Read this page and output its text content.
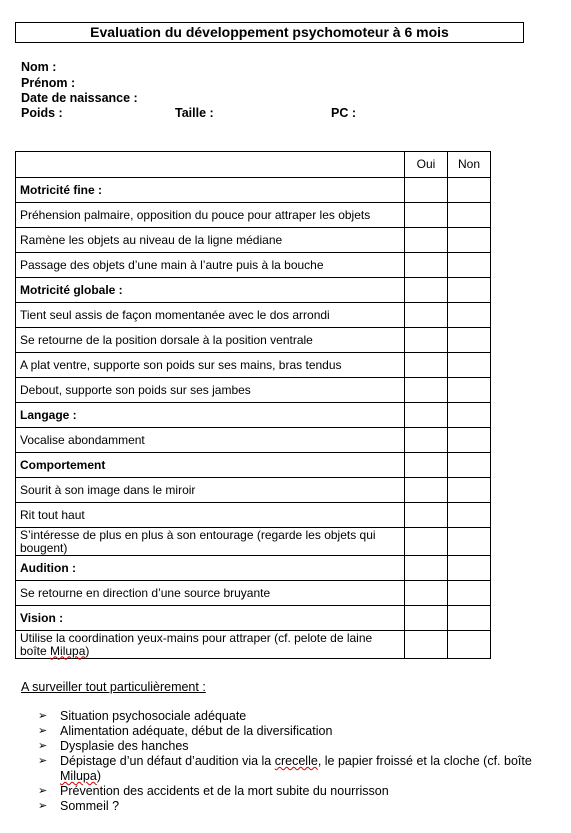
Evaluation du développement psychomoteur à 6 mois
Nom :
Prénom :
Date de naissance :
Poids :	Taille :	PC :
	Oui	Non
Motricité fine :		
Préhension palmaire, opposition du pouce pour attraper les objets		
Ramène les objets au niveau de la ligne médiane		
Passage des objets d’une main à l’autre puis à la bouche		
Motricité globale :		
Tient seul assis de façon momentanée avec le dos arrondi		
Se retourne de la position dorsale à la position ventrale		
A plat ventre, supporte son poids sur ses mains, bras tendus		
Debout, supporte son poids sur ses jambes		
Langage :		
Vocalise abondamment		
Comportement		
Sourit à son image dans le miroir		
Rit tout haut		
S’intéresse de plus en plus à son entourage (regarde les objets qui bougent)		
Audition :		
Se retourne en direction d’une source bruyante		
Vision :		
Utilise la coordination yeux-mains pour attraper (cf. pelote de laine boîte Milupa)		
A surveiller tout particulièrement :
➢ Situation psychosociale adéquate
➢ Alimentation adéquate, début de la diversification
➢ Dysplasie des hanches
➢ Dépistage d’un défaut d’audition via la crecelle, le papier froissé et la cloche (cf. boîte Milupa)
➢ Prévention des accidents et de la mort subite du nourrisson
➢ Sommeil ?
